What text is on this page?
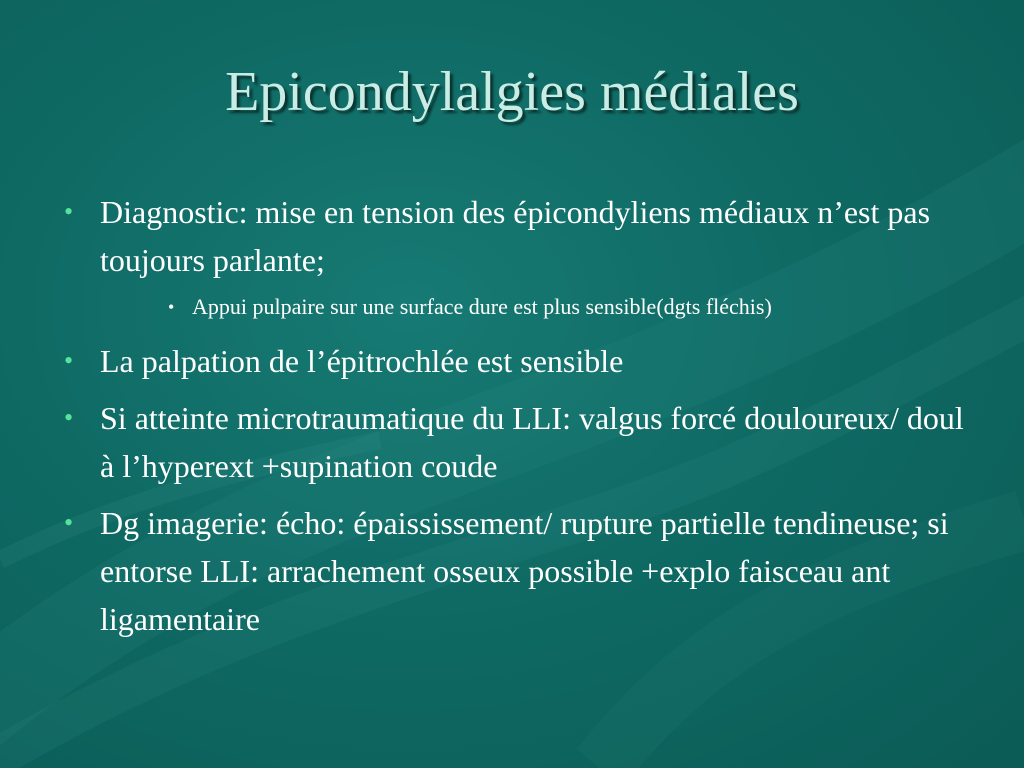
Epicondylalgies médiales
• Diagnostic: mise en tension des épicondyliens médiaux n’est pas toujours parlante;
• Appui pulpaire sur une surface dure est plus sensible(dgts fléchis)
• La palpation de l’épitrochlée est sensible
• Si atteinte microtraumatique du LLI: valgus forcé douloureux/ doul à l’hyperext +supination coude
• Dg imagerie: écho: épaississement/ rupture partielle tendineuse; si entorse LLI: arrachement osseux possible +explo faisceau ant ligamentaire
